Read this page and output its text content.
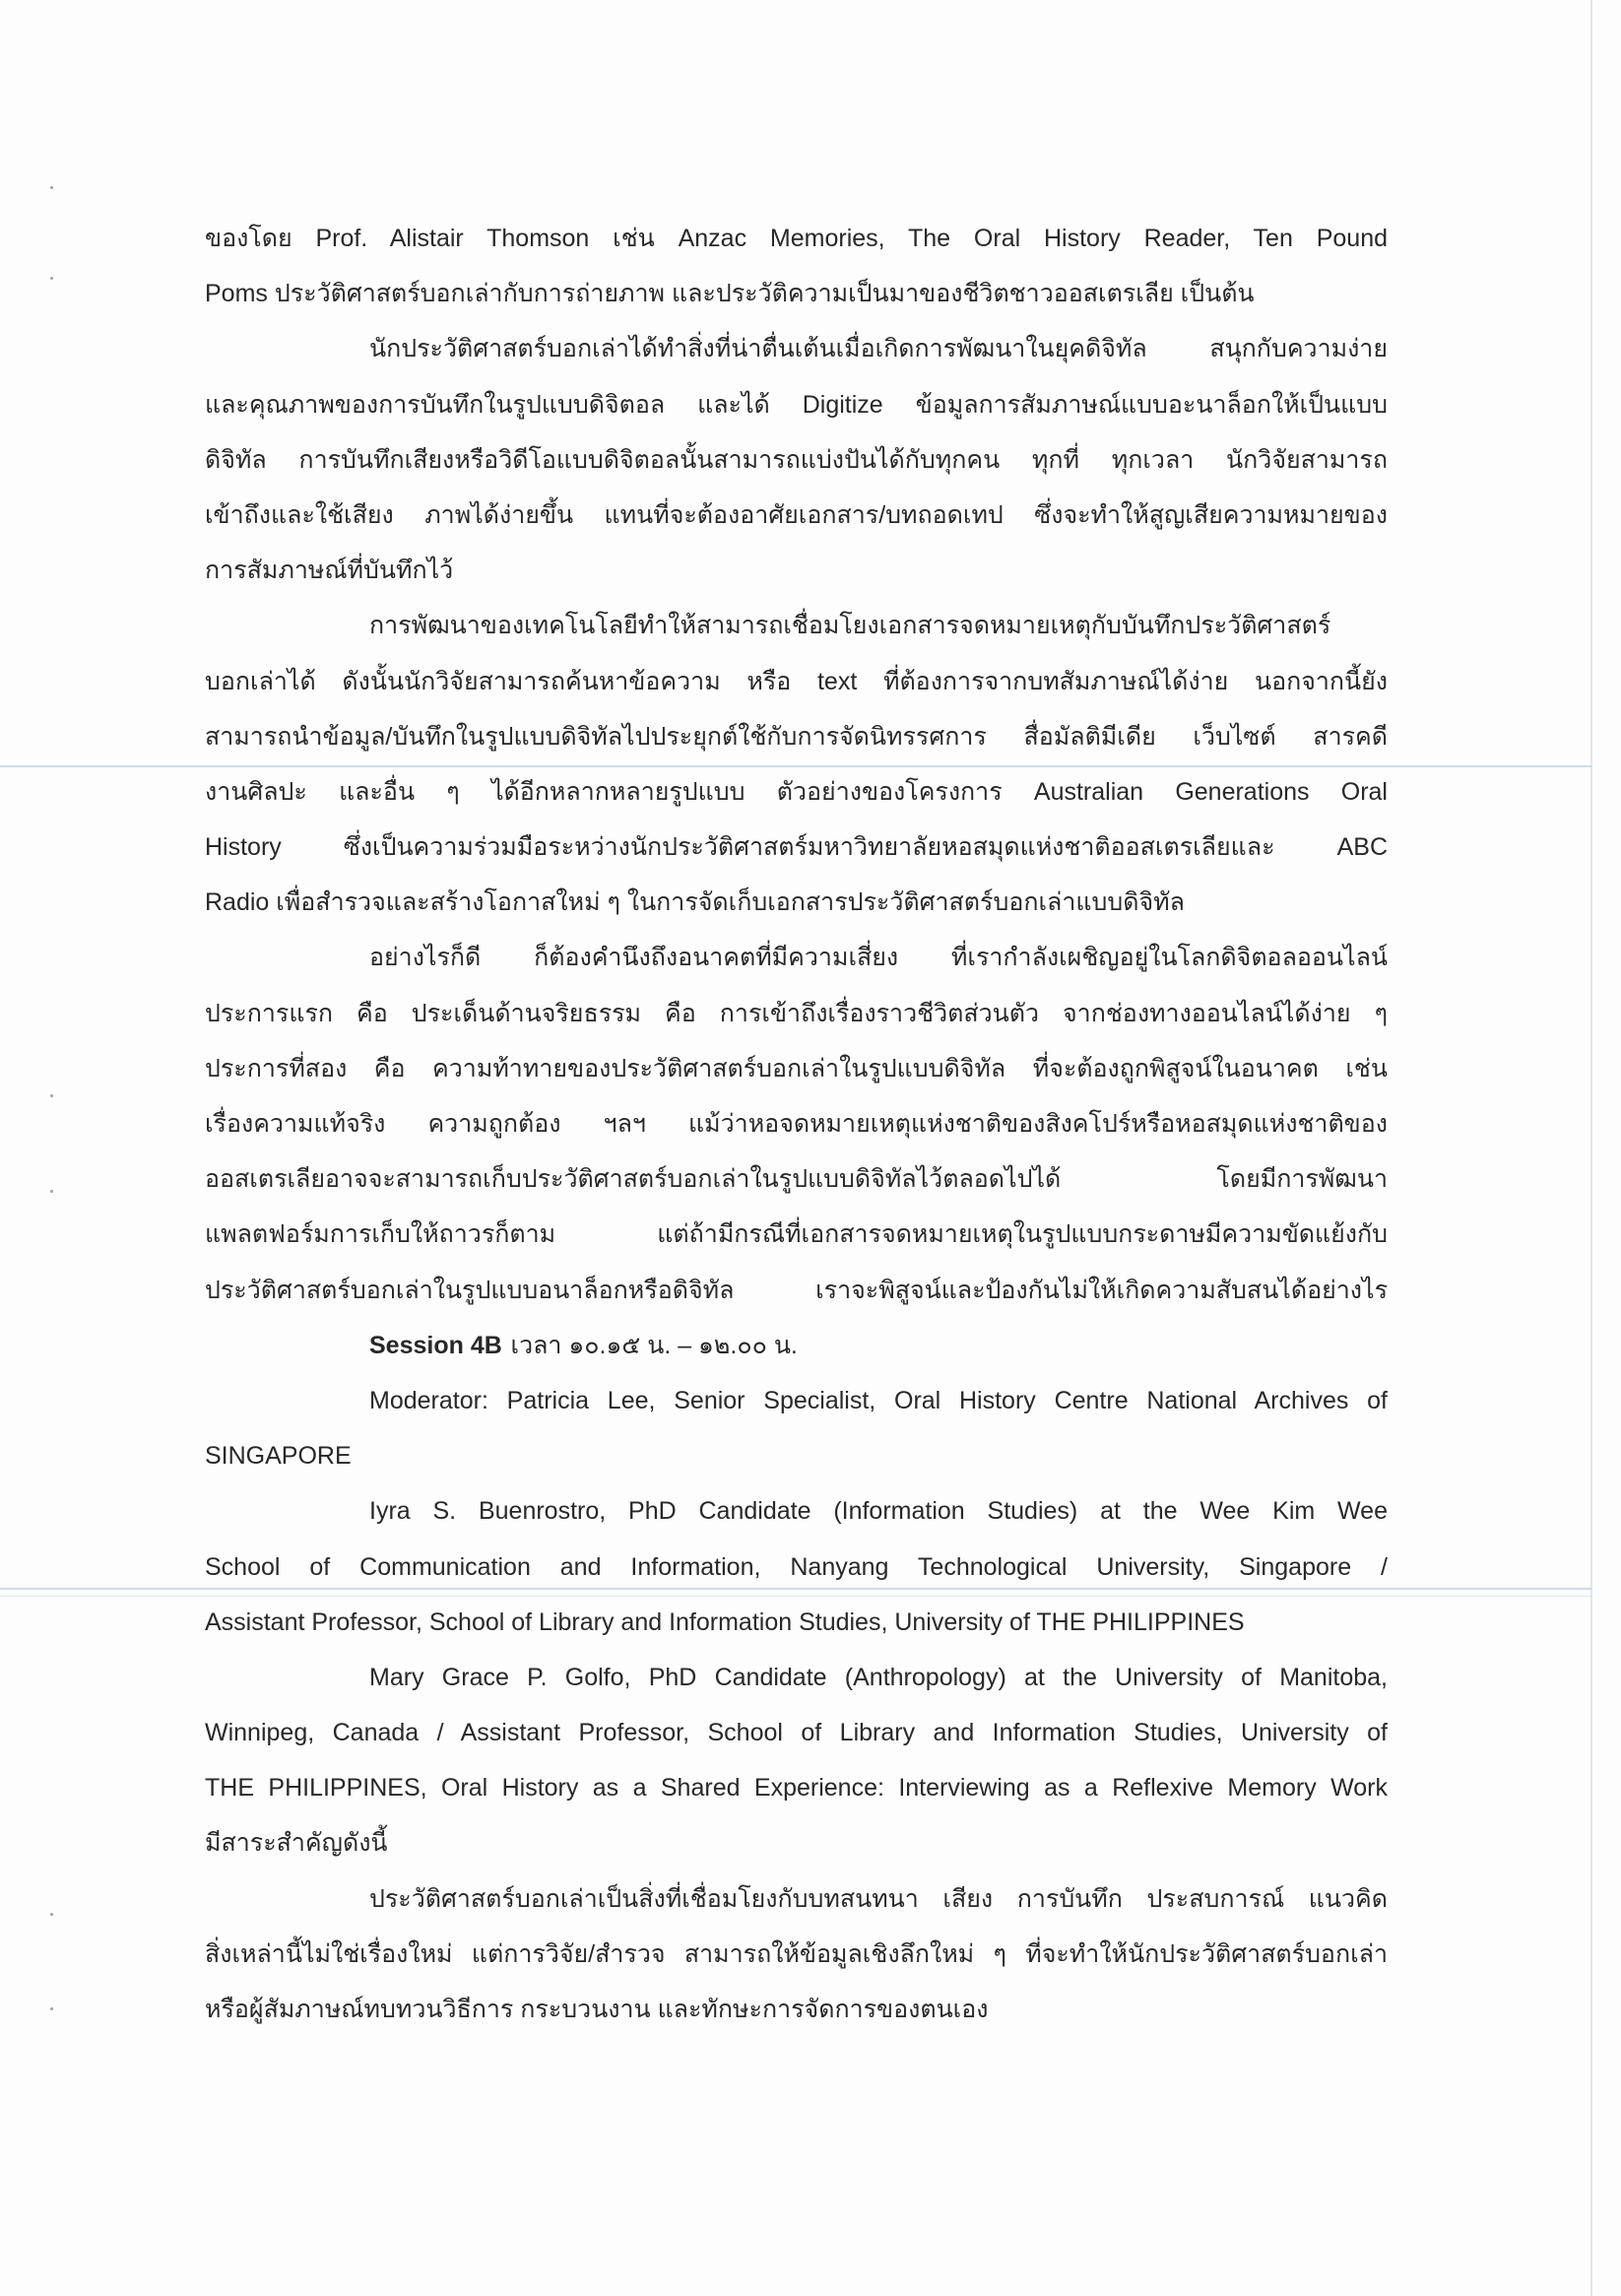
ของโดย Prof. Alistair Thomson เช่น Anzac Memories, The Oral History Reader, Ten Pound
Poms ประวัติศาสตร์บอกเล่ากับการถ่ายภาพ และประวัติความเป็นมาของชีวิตชาวออสเตรเลีย เป็นต้น
นักประวัติศาสตร์บอกเล่าได้ทำสิ่งที่น่าตื่นเต้นเมื่อเกิดการพัฒนาในยุคดิจิทัล สนุกกับความง่าย
และคุณภาพของการบันทึกในรูปแบบดิจิตอล และได้ Digitize ข้อมูลการสัมภาษณ์แบบอะนาล็อกให้เป็นแบบ
ดิจิทัล การบันทึกเสียงหรือวิดีโอแบบดิจิตอลนั้นสามารถแบ่งปันได้กับทุกคน ทุกที่ ทุกเวลา นักวิจัยสามารถ
เข้าถึงและใช้เสียง ภาพได้ง่ายขึ้น แทนที่จะต้องอาศัยเอกสาร/บทถอดเทป ซึ่งจะทำให้สูญเสียความหมายของ
การสัมภาษณ์ที่บันทึกไว้
การพัฒนาของเทคโนโลยีทำให้สามารถเชื่อมโยงเอกสารจดหมายเหตุกับบันทึกประวัติศาสตร์
บอกเล่าได้ ดังนั้นนักวิจัยสามารถค้นหาข้อความ หรือ text ที่ต้องการจากบทสัมภาษณ์ได้ง่าย นอกจากนี้ยัง
สามารถนำข้อมูล/บันทึกในรูปแบบดิจิทัลไปประยุกต์ใช้กับการจัดนิทรรศการ สื่อมัลติมีเดีย เว็บไซต์ สารคดี
งานศิลปะ และอื่น ๆ ได้อีกหลากหลายรูปแบบ ตัวอย่างของโครงการ Australian Generations Oral
History ซึ่งเป็นความร่วมมือระหว่างนักประวัติศาสตร์มหาวิทยาลัยหอสมุดแห่งชาติออสเตรเลียและ ABC
Radio เพื่อสำรวจและสร้างโอกาสใหม่ ๆ ในการจัดเก็บเอกสารประวัติศาสตร์บอกเล่าแบบดิจิทัล
อย่างไรก็ดี ก็ต้องคำนึงถึงอนาคตที่มีความเสี่ยง ที่เรากำลังเผชิญอยู่ในโลกดิจิตอลออนไลน์
ประการแรก คือ ประเด็นด้านจริยธรรม คือ การเข้าถึงเรื่องราวชีวิตส่วนตัว จากช่องทางออนไลน์ได้ง่าย ๆ
ประการที่สอง คือ ความท้าทายของประวัติศาสตร์บอกเล่าในรูปแบบดิจิทัล ที่จะต้องถูกพิสูจน์ในอนาคต เช่น
เรื่องความแท้จริง ความถูกต้อง ฯลฯ แม้ว่าหอจดหมายเหตุแห่งชาติของสิงคโปร์หรือหอสมุดแห่งชาติของ
ออสเตรเลียอาจจะสามารถเก็บประวัติศาสตร์บอกเล่าในรูปแบบดิจิทัลไว้ตลอดไปได้ โดยมีการพัฒนา
แพลตฟอร์มการเก็บให้ถาวรก็ตาม แต่ถ้ามีกรณีที่เอกสารจดหมายเหตุในรูปแบบกระดาษมีความขัดแย้งกับ
ประวัติศาสตร์บอกเล่าในรูปแบบอนาล็อกหรือดิจิทัล เราจะพิสูจน์และป้องกันไม่ให้เกิดความสับสนได้อย่างไร
Session 4B เวลา ๑๐.๑๕ น. – ๑๒.๐๐ น.
Moderator: Patricia Lee, Senior Specialist, Oral History Centre National Archives of
SINGAPORE
Iyra S. Buenrostro, PhD Candidate (Information Studies) at the Wee Kim Wee
School of Communication and Information, Nanyang Technological University, Singapore /
Assistant Professor, School of Library and Information Studies, University of THE PHILIPPINES
Mary Grace P. Golfo, PhD Candidate (Anthropology) at the University of Manitoba,
Winnipeg, Canada / Assistant Professor, School of Library and Information Studies, University of
THE PHILIPPINES, Oral History as a Shared Experience: Interviewing as a Reflexive Memory Work
มีสาระสำคัญดังนี้
ประวัติศาสตร์บอกเล่าเป็นสิ่งที่เชื่อมโยงกับบทสนทนา เสียง การบันทึก ประสบการณ์ แนวคิด
สิ่งเหล่านี้ไม่ใช่เรื่องใหม่ แต่การวิจัย/สำรวจ สามารถให้ข้อมูลเชิงลึกใหม่ ๆ ที่จะทำให้นักประวัติศาสตร์บอกเล่า
หรือผู้สัมภาษณ์ทบทวนวิธีการ กระบวนงาน และทักษะการจัดการของตนเอง
